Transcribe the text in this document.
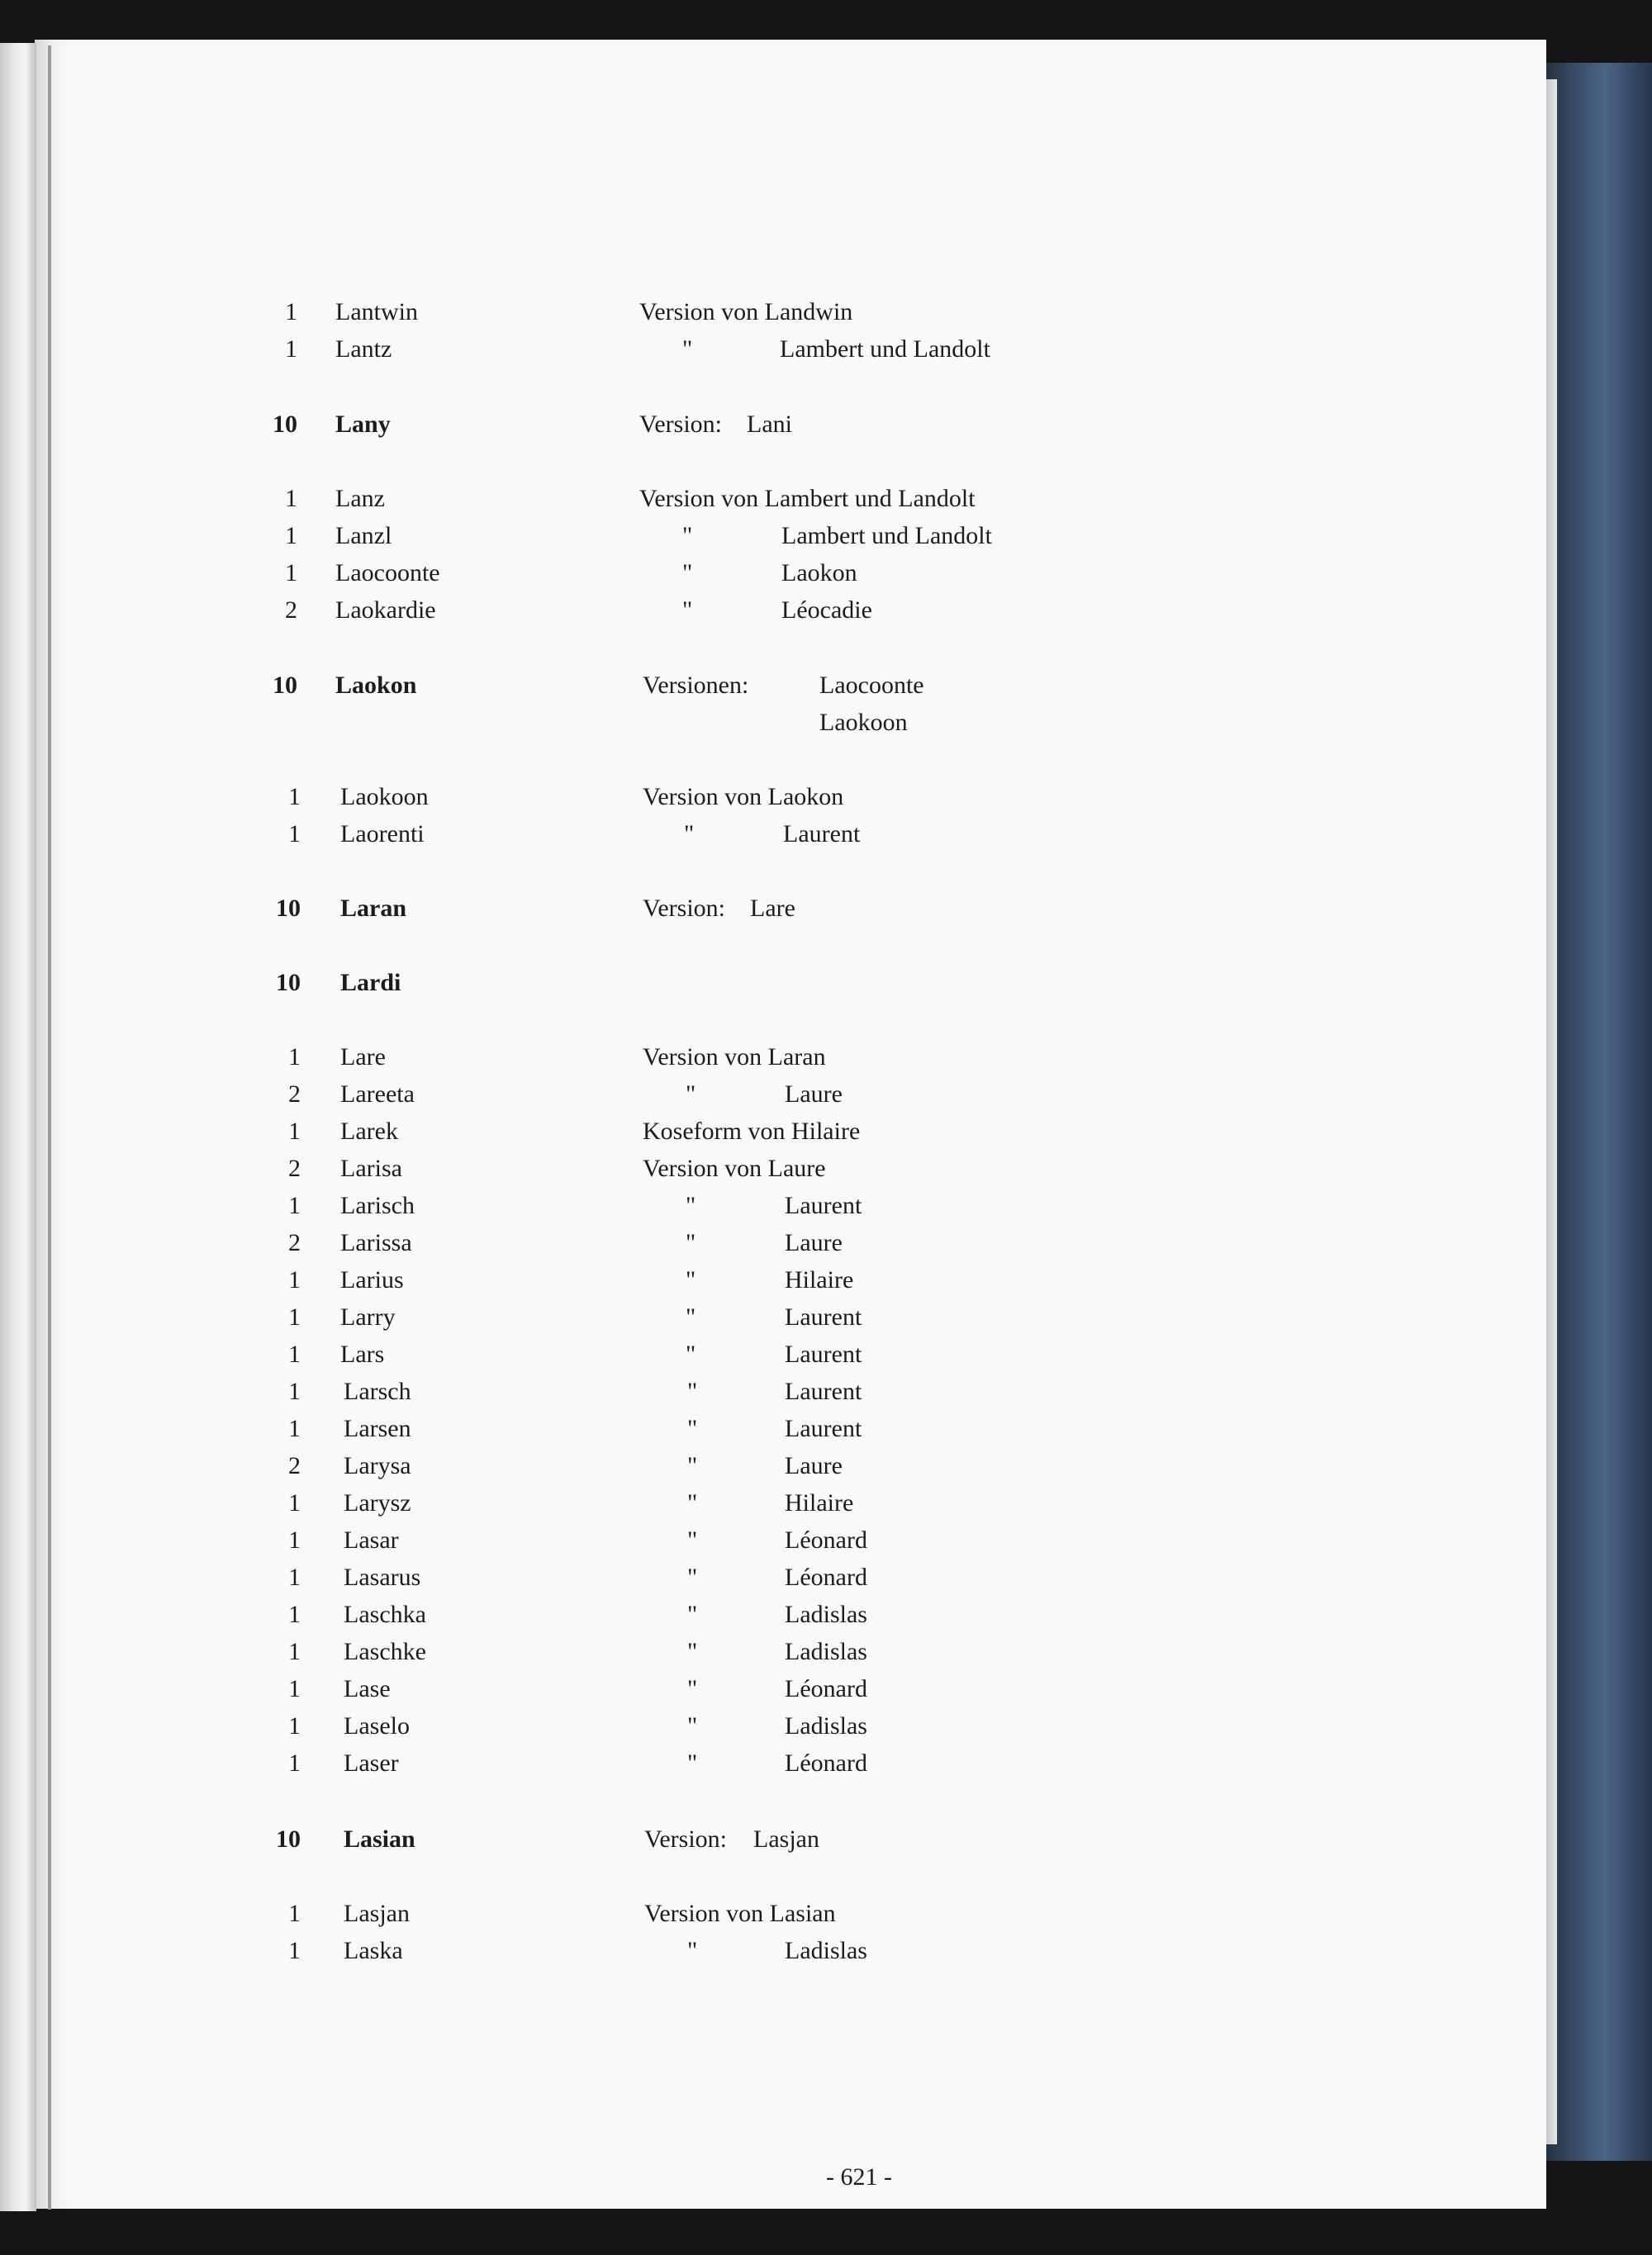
1 Lantwin	Version von Landwin
1 Lantz	"	Lambert und Landolt
10 Lany	Version: Lani
1 Lanz	Version von Lambert und Landolt
1 Lanzl	"	Lambert und Landolt
1 Laocoonte	"	Laokon
2 Laokardie	"	Léocadie
10 Laokon	Versionen:	Laocoonte
Laokoon
1 Laokoon	Version von Laokon
1 Laorenti	"	Laurent
10 Laran	Version: Lare
10 Lardi
1 Lare	Version von Laran
2 Lareeta	"	Laure
1 Larek	Koseform von Hilaire
2 Larisa	Version von Laure
1 Larisch	"	Laurent
2 Larissa	"	Laure
1 Larius	"	Hilaire
1 Larry	"	Laurent
1 Lars	"	Laurent
1 Larsch	"	Laurent
1 Larsen	"	Laurent
2 Larysa	"	Laure
1 Larysz	"	Hilaire
1 Lasar	"	Léonard
1 Lasarus	"	Léonard
1 Laschka	"	Ladislas
1 Laschke	"	Ladislas
1 Lase	"	Léonard
1 Laselo	"	Ladislas
1 Laser	"	Léonard
10 Lasian	Version: Lasjan
1 Lasjan	Version von Lasian
1 Laska	"	Ladislas
- 621 -
